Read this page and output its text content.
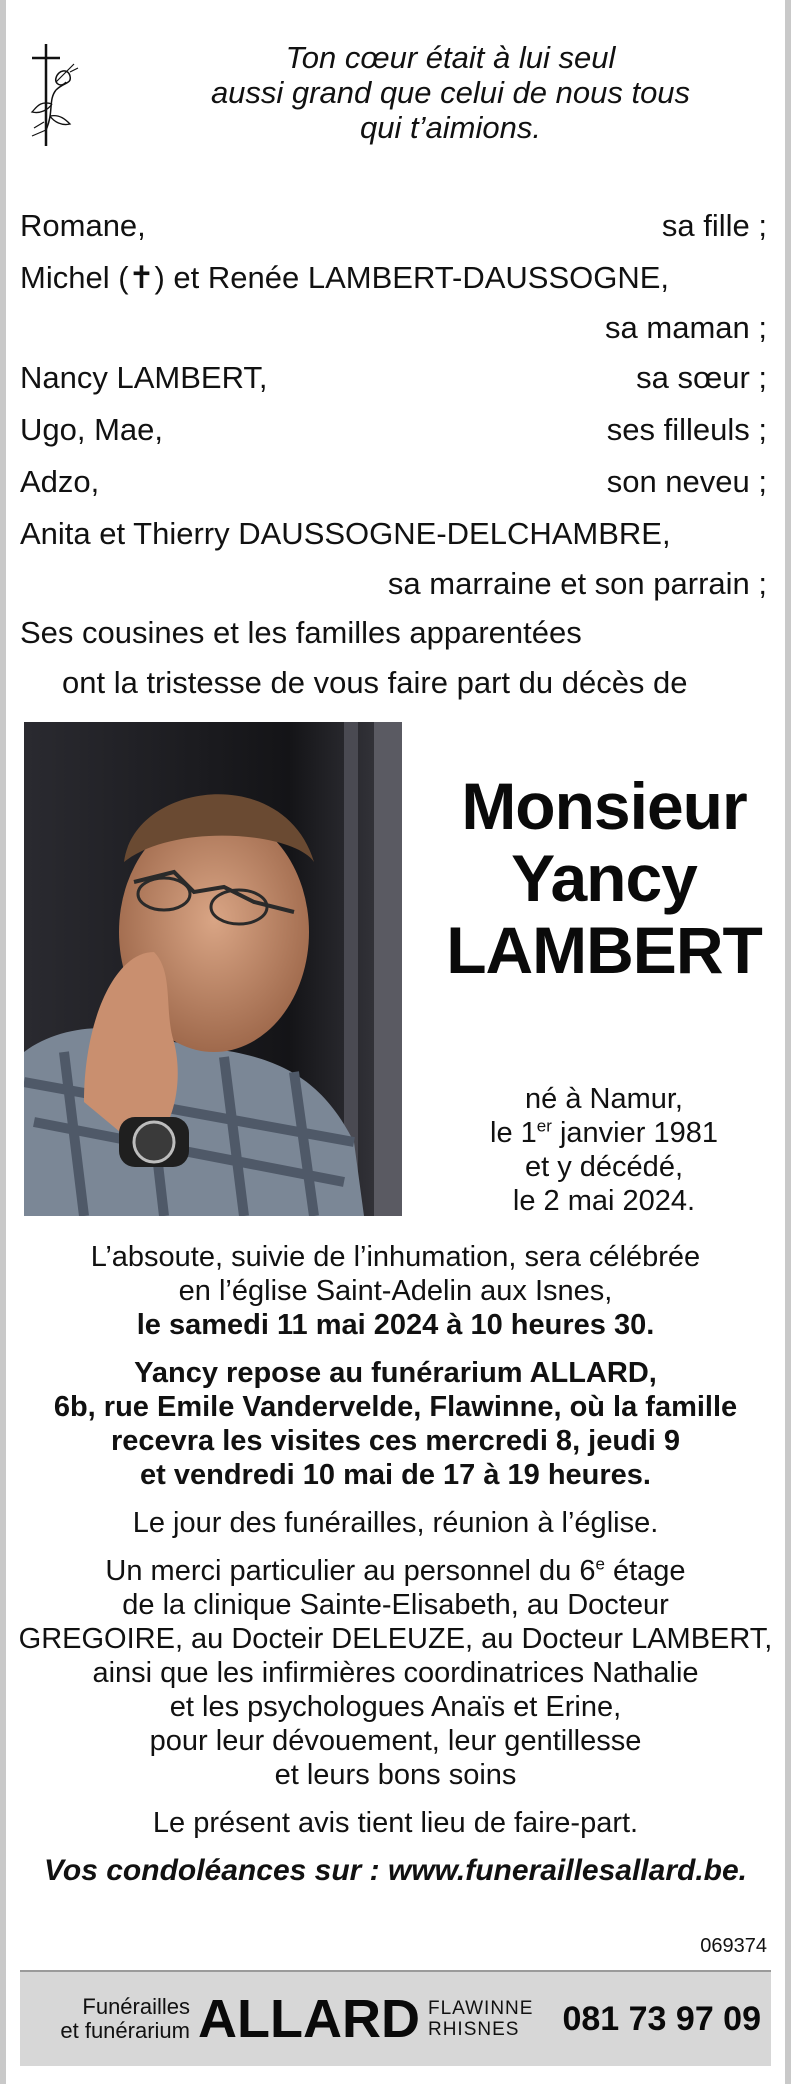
Ton cœur était à lui seul
aussi grand que celui de nous tous
qui t’aimions.
Romane,	sa fille ;
Michel (✝) et Renée LAMBERT-DAUSSOGNE,
sa maman ;
Nancy LAMBERT,	sa sœur ;
Ugo, Mae,	ses filleuls ;
Adzo,	son neveu ;
Anita et Thierry DAUSSOGNE-DELCHAMBRE,
sa marraine et son parrain ;
Ses cousines et les familles apparentées
ont la tristesse de vous faire part du décès de
Monsieur
Yancy
LAMBERT
né à Namur,
le 1er janvier 1981
et y décédé,
le 2 mai 2024.
L’absoute, suivie de l’inhumation, sera célébrée
en l’église Saint-Adelin aux Isnes,
le samedi 11 mai 2024 à 10 heures 30.
Yancy repose au funérarium ALLARD,
6b, rue Emile Vandervelde, Flawinne, où la famille
recevra les visites ces mercredi 8, jeudi 9
et vendredi 10 mai de 17 à 19 heures.
Le jour des funérailles, réunion à l’église.
Un merci particulier au personnel du 6e étage
de la clinique Sainte-Elisabeth, au Docteur
GREGOIRE, au Docteir DELEUZE, au Docteur LAMBERT,
ainsi que les infirmières coordinatrices Nathalie
et les psychologues Anaïs et Erine,
pour leur dévouement, leur gentillesse
et leurs bons soins
Le présent avis tient lieu de faire-part.
Vos condoléances sur : www.funeraillesallard.be.
069374
Funérailles
et funérarium ALLARD FLAWINNE
RHISNES	081 73 97 09
